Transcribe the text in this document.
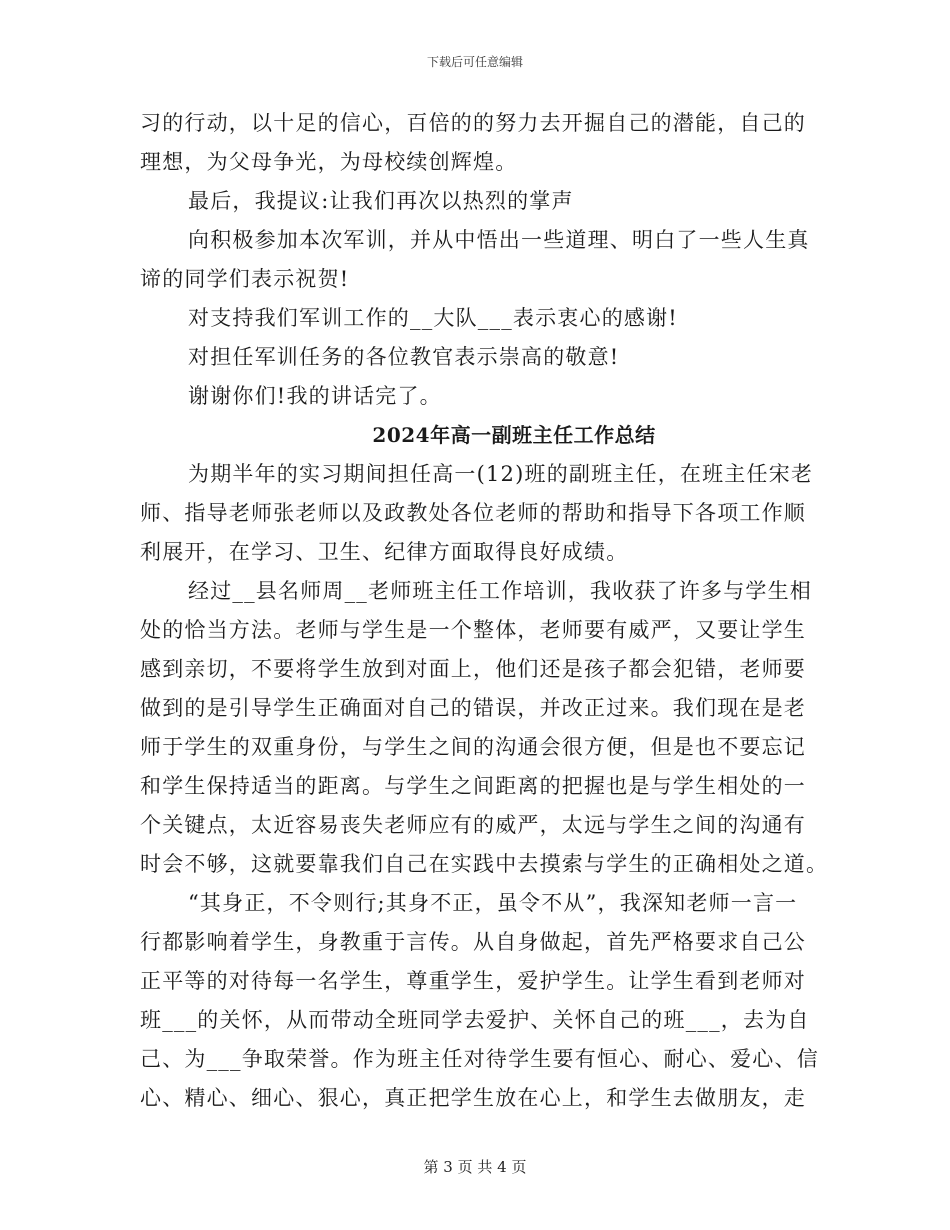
下载后可任意编辑
习的行动，以十足的信心，百倍的的努力去开掘自己的潜能，自己的
理想，为父母争光，为母校续创辉煌。
最后，我提议:让我们再次以热烈的掌声
向积极参加本次军训，并从中悟出一些道理、明白了一些人生真
谛的同学们表示祝贺!
对支持我们军训工作的__大队___表示衷心的感谢!
对担任军训任务的各位教官表示崇高的敬意!
谢谢你们!我的讲话完了。
2024年高一副班主任工作总结
为期半年的实习期间担任高一(12)班的副班主任，在班主任宋老
师、指导老师张老师以及政教处各位老师的帮助和指导下各项工作顺
利展开，在学习、卫生、纪律方面取得良好成绩。
经过__县名师周__老师班主任工作培训，我收获了许多与学生相
处的恰当方法。老师与学生是一个整体，老师要有威严，又要让学生
感到亲切，不要将学生放到对面上，他们还是孩子都会犯错，老师要
做到的是引导学生正确面对自己的错误，并改正过来。我们现在是老
师于学生的双重身份，与学生之间的沟通会很方便，但是也不要忘记
和学生保持适当的距离。与学生之间距离的把握也是与学生相处的一
个关键点，太近容易丧失老师应有的威严，太远与学生之间的沟通有
时会不够，这就要靠我们自己在实践中去摸索与学生的正确相处之道。
“其身正，不令则行;其身不正，虽令不从”，我深知老师一言一
行都影响着学生，身教重于言传。从自身做起，首先严格要求自己公
正平等的对待每一名学生，尊重学生，爱护学生。让学生看到老师对
班___的关怀，从而带动全班同学去爱护、关怀自己的班___，去为自
己、为___争取荣誉。作为班主任对待学生要有恒心、耐心、爱心、信
心、精心、细心、狠心，真正把学生放在心上，和学生去做朋友，走
第 3 页 共 4 页
